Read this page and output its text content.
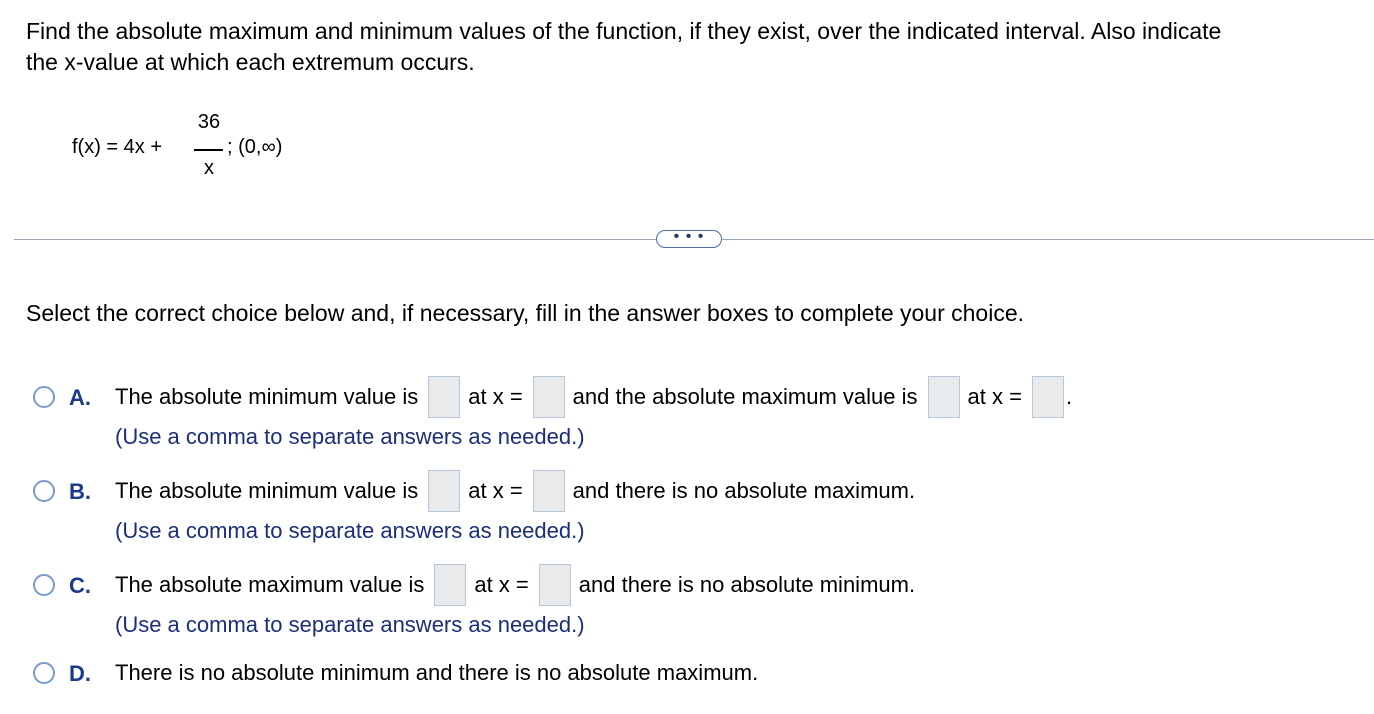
Find the absolute maximum and minimum values of the function, if they exist, over the indicated interval. Also indicate
the x-value at which each extremum occurs.
f(x) = 4x +
36
x
; (0,∞)
• • •
Select the correct choice below and, if necessary, fill in the answer boxes to complete your choice.
A. The absolute minimum value is at x = and the absolute maximum value is at x = .
(Use a comma to separate answers as needed.)
B. The absolute minimum value is at x = and there is no absolute maximum.
(Use a comma to separate answers as needed.)
C. The absolute maximum value is at x = and there is no absolute minimum.
(Use a comma to separate answers as needed.)
D. There is no absolute minimum and there is no absolute maximum.
